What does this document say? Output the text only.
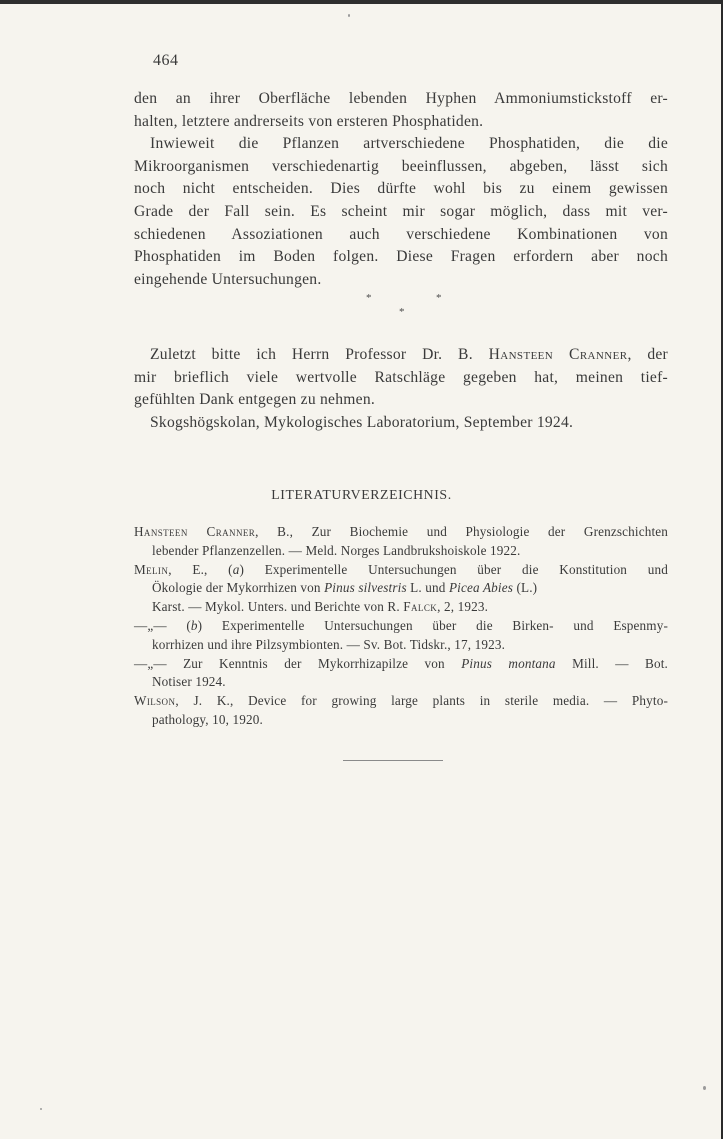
464
den an ihrer Oberfläche lebenden Hyphen Ammoniumstickstoff er-
halten, letztere andrerseits von ersteren Phosphatiden.
Inwieweit die Pflanzen artverschiedene Phosphatiden, die die
Mikroorganismen verschiedenartig beeinflussen, abgeben, lässt sich
noch nicht entscheiden. Dies dürfte wohl bis zu einem gewissen
Grade der Fall sein. Es scheint mir sogar möglich, dass mit ver-
schiedenen Assoziationen auch verschiedene Kombinationen von
Phosphatiden im Boden folgen. Diese Fragen erfordern aber noch
eingehende Untersuchungen.
*	*
*
Zuletzt bitte ich Herrn Professor Dr. B. Hansteen Cranner, der
mir brieflich viele wertvolle Ratschläge gegeben hat, meinen tief-
gefühlten Dank entgegen zu nehmen.
Skogshögskolan, Mykologisches Laboratorium, September 1924.
LITERATURVERZEICHNIS.
Hansteen Cranner, B., Zur Biochemie und Physiologie der Grenzschichten
lebender Pflanzenzellen. — Meld. Norges Landbrukshoiskole 1922.
Melin, E., (a) Experimentelle Untersuchungen über die Konstitution und
Ökologie der Mykorrhizen von Pinus silvestris L. und Picea Abies (L.)
Karst. — Mykol. Unters. und Berichte von R. Falck, 2, 1923.
—„— (b) Experimentelle Untersuchungen über die Birken- und Espenmy-
korrhizen und ihre Pilzsymbionten. — Sv. Bot. Tidskr., 17, 1923.
—„— Zur Kenntnis der Mykorrhizapilze von Pinus montana Mill. — Bot.
Notiser 1924.
Wilson, J. K., Device for growing large plants in sterile media. — Phyto-
pathology, 10, 1920.
